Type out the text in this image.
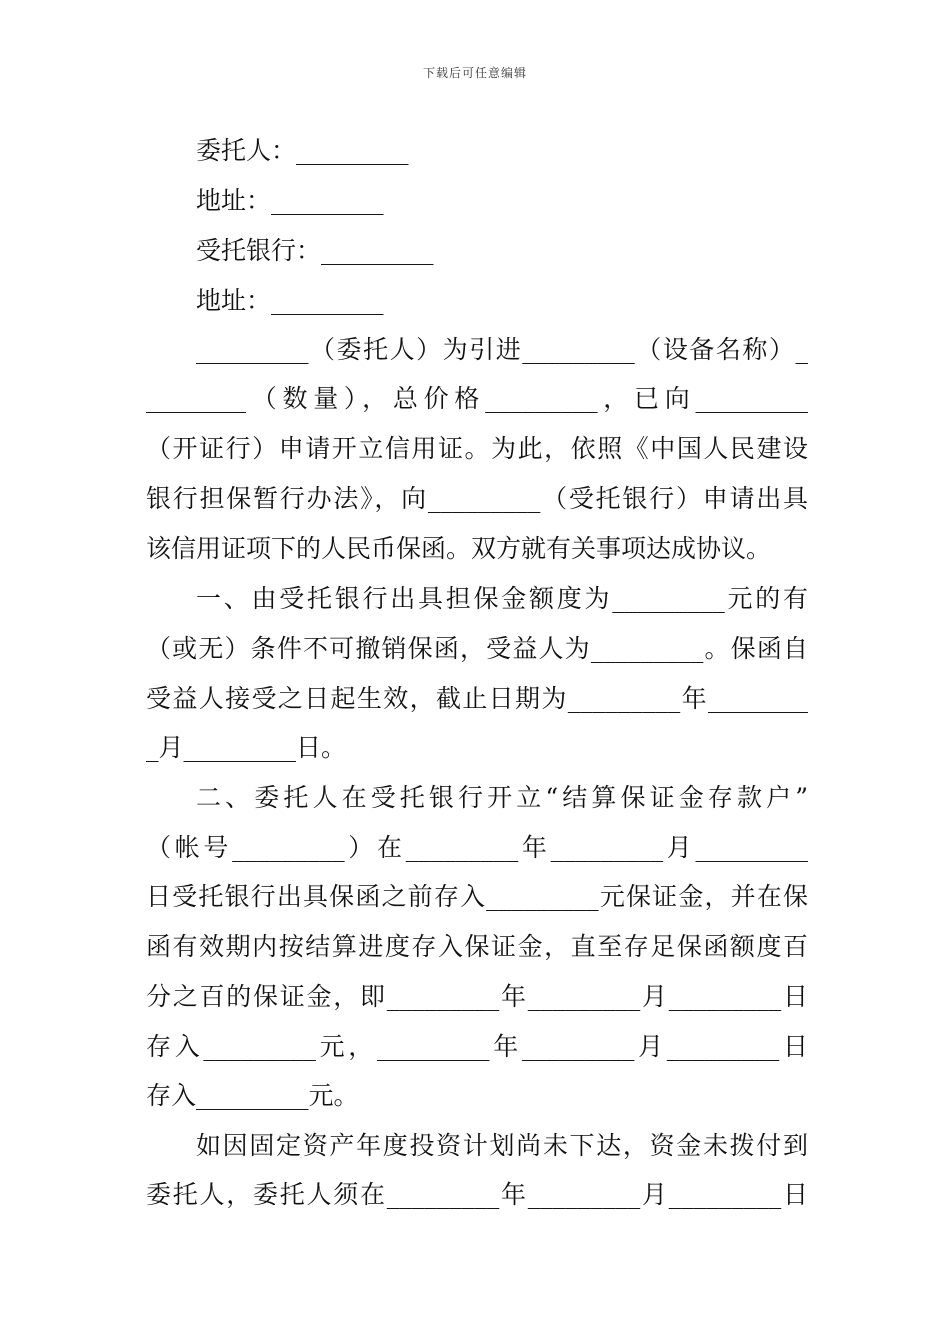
下载后可任意编辑
委托人：_________
地址：_________
受托银行：_________
地址：_________
_________（委托人）为引进_________（设备名称）_
________（数量），总价格_________，已向_________
（开证行）申请开立信用证。为此，依照《中国人民建设
银行担保暂行办法》，向_________（受托银行）申请出具
该信用证项下的人民币保函。双方就有关事项达成协议。
一、由受托银行出具担保金额度为_________元的有
（或无）条件不可撤销保函，受益人为_________。保函自
受益人接受之日起生效，截止日期为_________年________
_月_________日。
二、委托人在受托银行开立“结算保证金存款户”
（帐号_________）在_________年_________月_________
日受托银行出具保函之前存入_________元保证金，并在保
函有效期内按结算进度存入保证金，直至存足保函额度百
分之百的保证金，即_________年_________月_________日
存入_________元，_________年_________月_________日
存入_________元。
如因固定资产年度投资计划尚未下达，资金未拨付到
委托人，委托人须在_________年_________月_________日
